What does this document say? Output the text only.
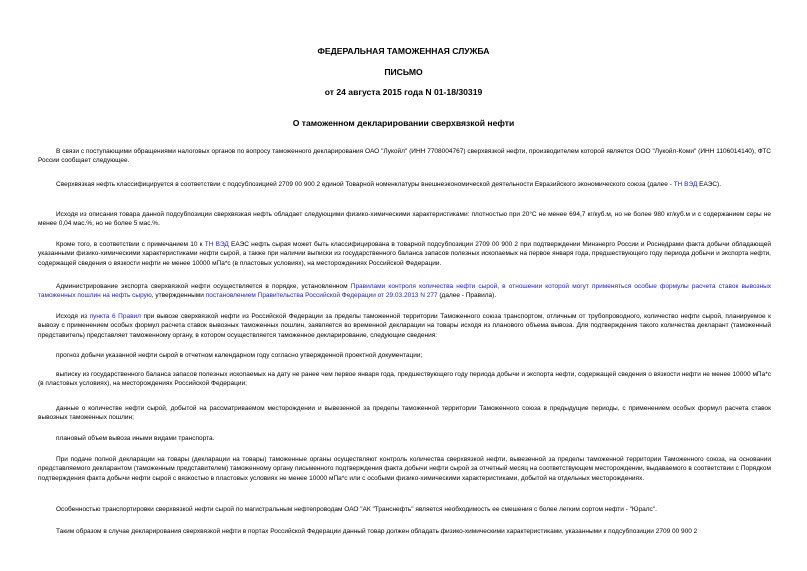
ФЕДЕРАЛЬНАЯ ТАМОЖЕННАЯ СЛУЖБА
ПИСЬМО
от 24 августа 2015 года N 01-18/30319
О таможенном декларировании сверхвязкой нефти

В связи с поступающими обращениями налоговых органов по вопросу таможенного декларирования ОАО "Лукойл" (ИНН 7708004767) сверхвязкой нефти, производителем которой является ООО "Лукойл-Коми" (ИНН 1106014140), ФТС России сообщает следующее.

Сверхвязкая нефть классифицируется в соответствии с подсубпозицией 2709 00 900 2 единой Товарной номенклатуры внешнеэкономической деятельности Евразийского экономического союза (далее - ТН ВЭД ЕАЭС).

Исходя из описания товара данной подсубпозиции сверхвязкая нефть обладает следующими физико-химическими характеристиками: плотностью при 20°С не менее 694,7 кг/куб.м, но не более 980 кг/куб.м и с содержанием серы не менее 0,04 мас.%, но не более 5 мас.%.

Кроме того, в соответствии с примечанием 10 к ТН ВЭД ЕАЭС нефть сырая может быть классифицирована в товарной подсубпозиции 2709 00 900 2 при подтверждении Минэнерго России и Роснедрами факта добычи обладающей указанными физико-химическими характеристиками нефти сырой, а также при наличии выписки из государственного баланса запасов полезных ископаемых на первое января года, предшествующего году периода добычи и экспорта нефти, содержащей сведения о вязкости нефти не менее 10000 мПа*с (в пластовых условиях), на месторождениях Российской Федерации.

Администрирование экспорта сверхвязкой нефти осуществляется в порядке, установленном Правилами контроля количества нефти сырой, в отношении которой могут применяться особые формулы расчета ставок вывозных таможенных пошлин на нефть сырую, утвержденными постановлением Правительства Российской Федерации от 29.03.2013 N 277 (далее - Правила).

Исходя из пункта 6 Правил при вывозе сверхвязкой нефти из Российской Федерации за пределы таможенной территории Таможенного союза транспортом, отличным от трубопроводного, количество нефти сырой, планируемое к вывозу с применением особых формул расчета ставок вывозных таможенных пошлин, заявляется во временной декларации на товары исходя из планового объема вывоза. Для подтверждения такого количества декларант (таможенный представитель) представляет таможенному органу, в котором осуществляется таможенное декларирование, следующие сведения:

прогноз добычи указанной нефти сырой в отчетном календарном году согласно утвержденной проектной документации;

выписку из государственного баланса запасов полезных ископаемых на дату не ранее чем первое января года, предшествующего году периода добычи и экспорта нефти, содержащей сведения о вязкости нефти не менее 10000 мПа*с (в пластовых условиях), на месторождениях Российской Федерации;

данные о количестве нефти сырой, добытой на рассматриваемом месторождении и вывезенной за пределы таможенной территории Таможенного союза в предыдущие периоды, с применением особых формул расчета ставок вывозных таможенных пошлин;

плановый объем вывоза иными видами транспорта.

При подаче полной декларации на товары (декларации на товары) таможенные органы осуществляют контроль количества сверхвязкой нефти, вывезенной за пределы таможенной территории Таможенного союза, на основании представляемого декларантом (таможенным представителем) таможенному органу письменного подтверждения факта добычи нефти сырой за отчетный месяц на соответствующем месторождении, выдаваемого в соответствии с Порядком подтверждения факта добычи нефти сырой с вязкостью в пластовых условиях не менее 10000 мПа*с или с особыми физико-химическими характеристиками, добытой на отдельных месторождениях.

Особенностью транспортировки сверхвязкой нефти сырой по магистральным нефтепроводам ОАО "АК "Транснефть" является необходимость ее смешения с более легким сортом нефти - "Юралс".

Таким образом в случае декларирования сверхвязкой нефти в портах Российской Федерации данный товар должен обладать физико-химическими характеристиками, указанными к подсубпозиции 2709 00 900 2
